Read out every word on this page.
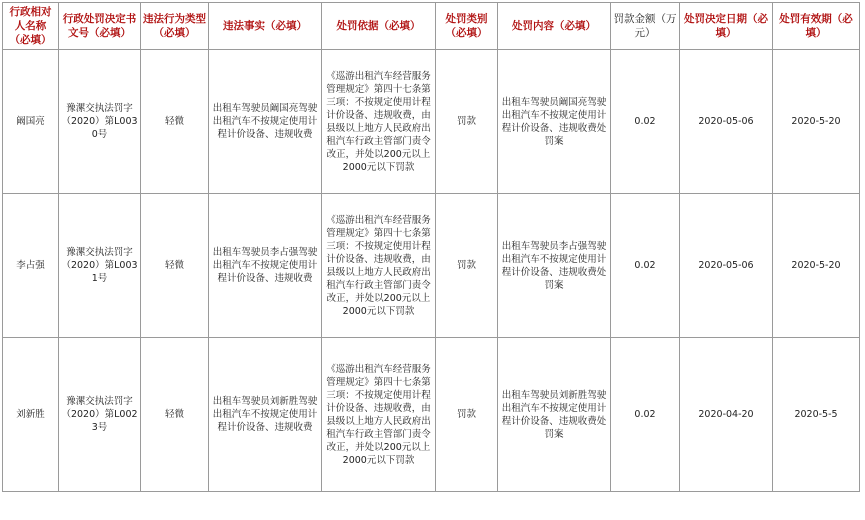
行政相对人名称（必填）	行政处罚决定书文号（必填）	违法行为类型（必填）	违法事实（必填）	处罚依据（必填）	处罚类别（必填）	处罚内容（必填）	罚款金额（万元）	处罚决定日期（必填）	处罚有效期（必填）
阚国亮	豫漯交执法罚字（2020）第L0030号	轻微	出租车驾驶员阚国亮驾驶出租汽车不按规定使用计程计价设备、违规收费	《巡游出租汽车经营服务管理规定》第四十七条第三项：不按规定使用计程计价设备、违规收费，由县级以上地方人民政府出租汽车行政主管部门责令改正，并处以200元以上2000元以下罚款	罚款	出租车驾驶员阚国亮驾驶出租汽车不按规定使用计程计价设备、违规收费处罚案	0.02	2020-05-06	2020-5-20
李占强	豫漯交执法罚字（2020）第L0031号	轻微	出租车驾驶员李占强驾驶出租汽车不按规定使用计程计价设备、违规收费	《巡游出租汽车经营服务管理规定》第四十七条第三项：不按规定使用计程计价设备、违规收费，由县级以上地方人民政府出租汽车行政主管部门责令改正，并处以200元以上2000元以下罚款	罚款	出租车驾驶员李占强驾驶出租汽车不按规定使用计程计价设备、违规收费处罚案	0.02	2020-05-06	2020-5-20
刘新胜	豫漯交执法罚字（2020）第L0023号	轻微	出租车驾驶员刘新胜驾驶出租汽车不按规定使用计程计价设备、违规收费	《巡游出租汽车经营服务管理规定》第四十七条第三项：不按规定使用计程计价设备、违规收费，由县级以上地方人民政府出租汽车行政主管部门责令改正，并处以200元以上2000元以下罚款	罚款	出租车驾驶员刘新胜驾驶出租汽车不按规定使用计程计价设备、违规收费处罚案	0.02	2020-04-20	2020-5-5
